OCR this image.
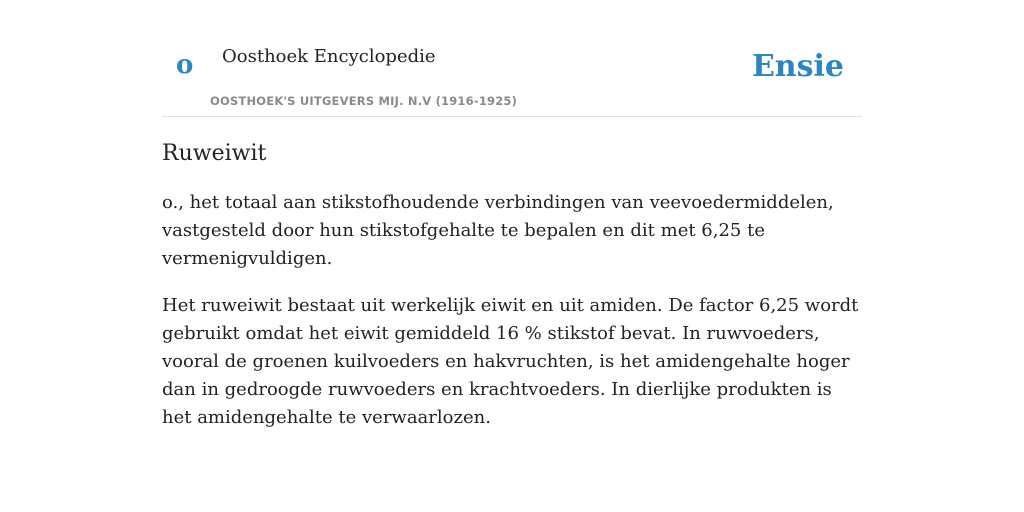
o Oosthoek Encyclopedie
OOSTHOEK'S UITGEVERS MIJ. N.V (1916-1925)
Ensie
Ruweiwit

o., het totaal aan stikstofhoudende verbindingen van veevoedermiddelen, vastgesteld door hun stikstofgehalte te bepalen en dit met 6,25 te vermenigvuldigen.

Het ruweiwit bestaat uit werkelijk eiwit en uit amiden. De factor 6,25 wordt gebruikt omdat het eiwit gemiddeld 16 % stikstof bevat. In ruwvoeders, vooral de groenen kuilvoeders en hakvruchten, is het amidengehalte hoger dan in gedroogde ruwvoeders en krachtvoeders. In dierlijke produkten is het amidengehalte te verwaarlozen.
